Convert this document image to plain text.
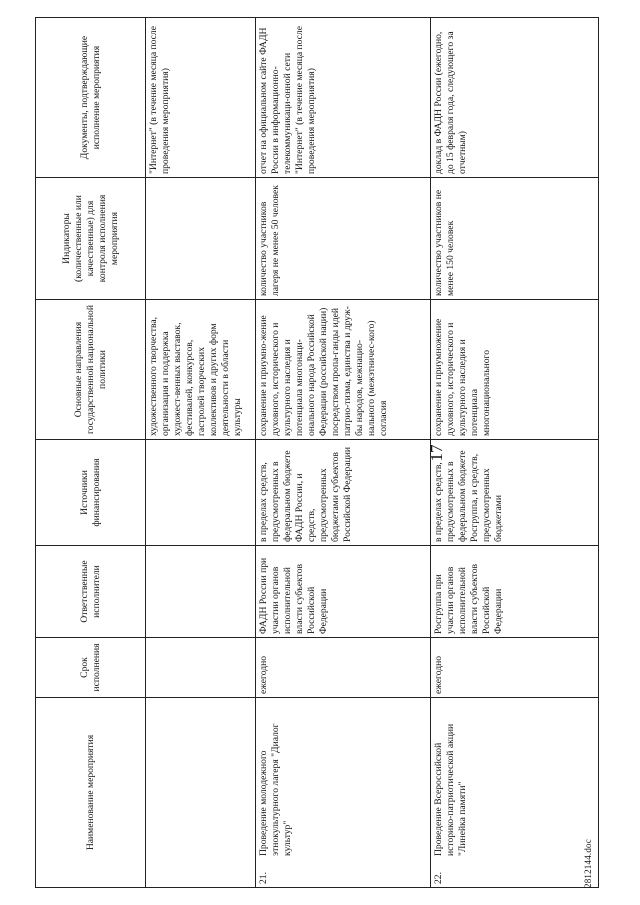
Наименование мероприятия	Срок исполнения	Ответственные исполнители	Источники финансирования	Основные направления государственной национальной политики	Индикаторы (количественные или качественные) для контроля исполнения мероприятия	Документы, подтверждающие исполнение мероприятия
				художественного творчества, организация и поддержка художест-венных выставок, фестивалей, конкурсов, гастролей творческих коллективов и других форм деятельности в области культуры		"Интернет" (в течение месяца после проведения мероприятия)

21.
Проведение молодежного этнокультурного лагеря "Диалог культур"	ежегодно	ФАДН России при участии органов исполнительной власти субъектов Российской Федерации	в пределах средств, предусмотренных в федеральном бюджете ФАДН России, и средств, предусмотренных бюджетами субъектов Российской Федерации	сохранение и приумно-жение духовного, исторического и культурного наследия и потенциала многонаци-онального народа Российской Федерации (российской нации) посредством пропа-ганды идей патрио-тизма, единства и друж-бы народов, межнацио-нального (межэтничес-кого) согласия	количество участников лагеря не менее 50 человек	отчет на официальном сайте ФАДН России в информационно-телекоммуникаци-онной сети "Интернет" (в течение месяца после проведения мероприятия)

22.
Проведение Всероссийской историко-патриотической акции "Линейка памяти"	ежегодно	Росгруппа при участии органов исполнительной власти субъектов Российской Федерации	в пределах средств, предусмотренных в федеральном бюджете Росгруппа, и средств, предусмотренных бюджетами	сохранение и приумножение духовного, исторического и культурного наследия и потенциала многонационального	количество участников не менее 150 человек	доклад в ФАДН России (ежегодно, до 15 февраля года, следующего за отчетным)
17
2812144.doc
